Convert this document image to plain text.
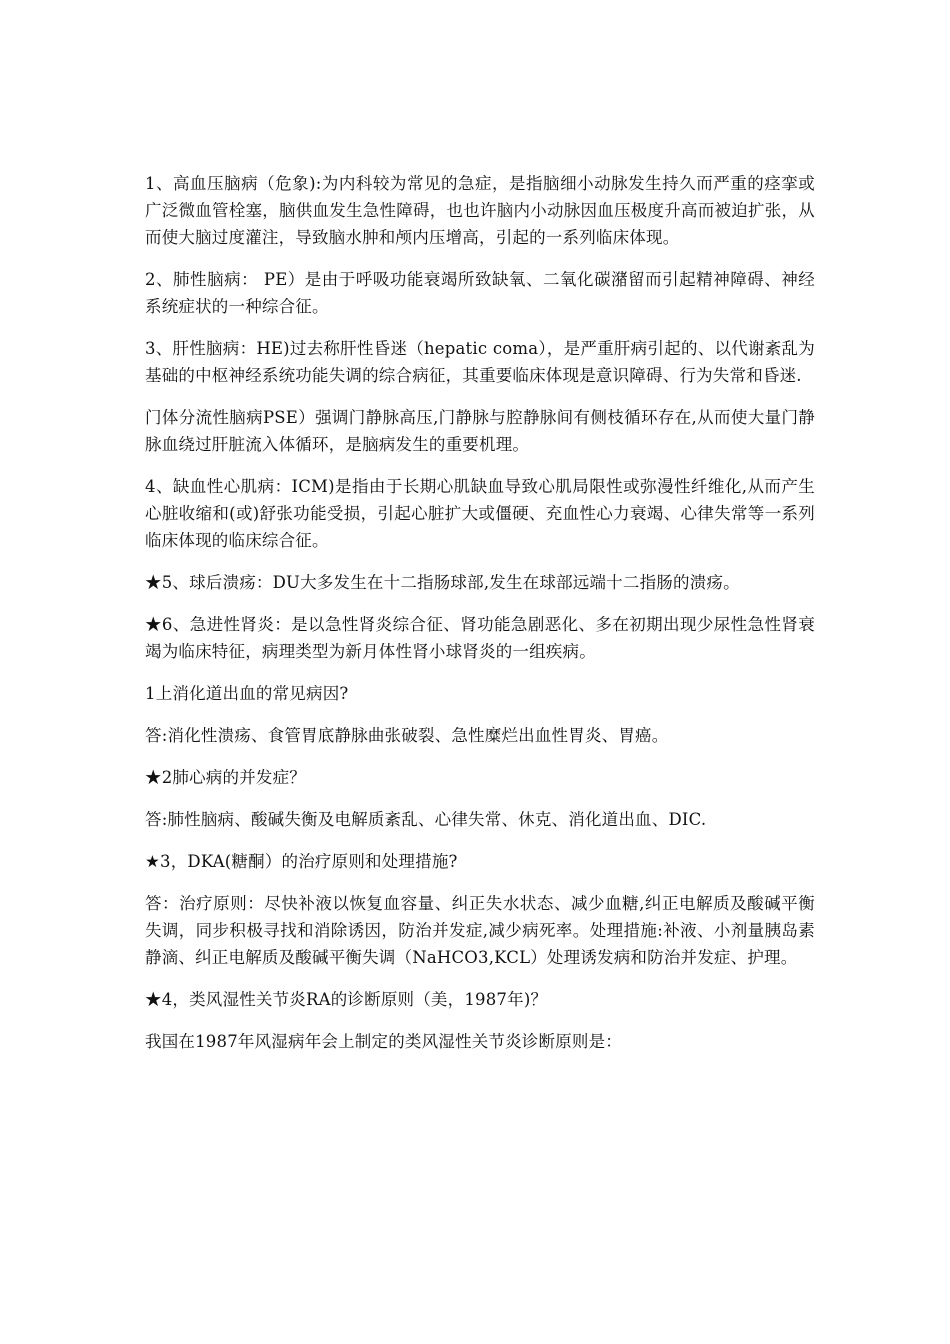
1、高血压脑病（危象):为内科较为常见的急症，是指脑细小动脉发生持久而严重的痉挛或广泛微血管栓塞，脑供血发生急性障碍，也也许脑内小动脉因血压极度升高而被迫扩张，从而使大脑过度灌注，导致脑水肿和颅内压增高，引起的一系列临床体现。

2、肺性脑病： PE）是由于呼吸功能衰竭所致缺氧、二氧化碳潴留而引起精神障碍、神经系统症状的一种综合征。

3、肝性脑病：HE)过去称肝性昏迷（hepatic coma），是严重肝病引起的、以代谢紊乱为基础的中枢神经系统功能失调的综合病征，其重要临床体现是意识障碍、行为失常和昏迷.

门体分流性脑病PSE）强调门静脉高压,门静脉与腔静脉间有侧枝循环存在,从而使大量门静脉血绕过肝脏流入体循环，是脑病发生的重要机理。

4、缺血性心肌病：ICM)是指由于长期心肌缺血导致心肌局限性或弥漫性纤维化,从而产生心脏收缩和(或)舒张功能受损，引起心脏扩大或僵硬、充血性心力衰竭、心律失常等一系列临床体现的临床综合征。

★5、球后溃疡：DU大多发生在十二指肠球部,发生在球部远端十二指肠的溃疡。

★6、急进性肾炎：是以急性肾炎综合征、肾功能急剧恶化、多在初期出现少尿性急性肾衰竭为临床特征，病理类型为新月体性肾小球肾炎的一组疾病。

1上消化道出血的常见病因?

答:消化性溃疡、食管胃底静脉曲张破裂、急性糜烂出血性胃炎、胃癌。

★2肺心病的并发症？

答:肺性脑病、酸碱失衡及电解质紊乱、心律失常、休克、消化道出血、DIC.

★3，DKA(糖酮）的治疗原则和处理措施?

答：治疗原则：尽快补液以恢复血容量、纠正失水状态、减少血糖,纠正电解质及酸碱平衡失调，同步积极寻找和消除诱因，防治并发症,减少病死率。处理措施:补液、小剂量胰岛素静滴、纠正电解质及酸碱平衡失调（NaHCO3,KCL）处理诱发病和防治并发症、护理。

★4，类风湿性关节炎RA的诊断原则（美，1987年)？

我国在1987年风湿病年会上制定的类风湿性关节炎诊断原则是：
